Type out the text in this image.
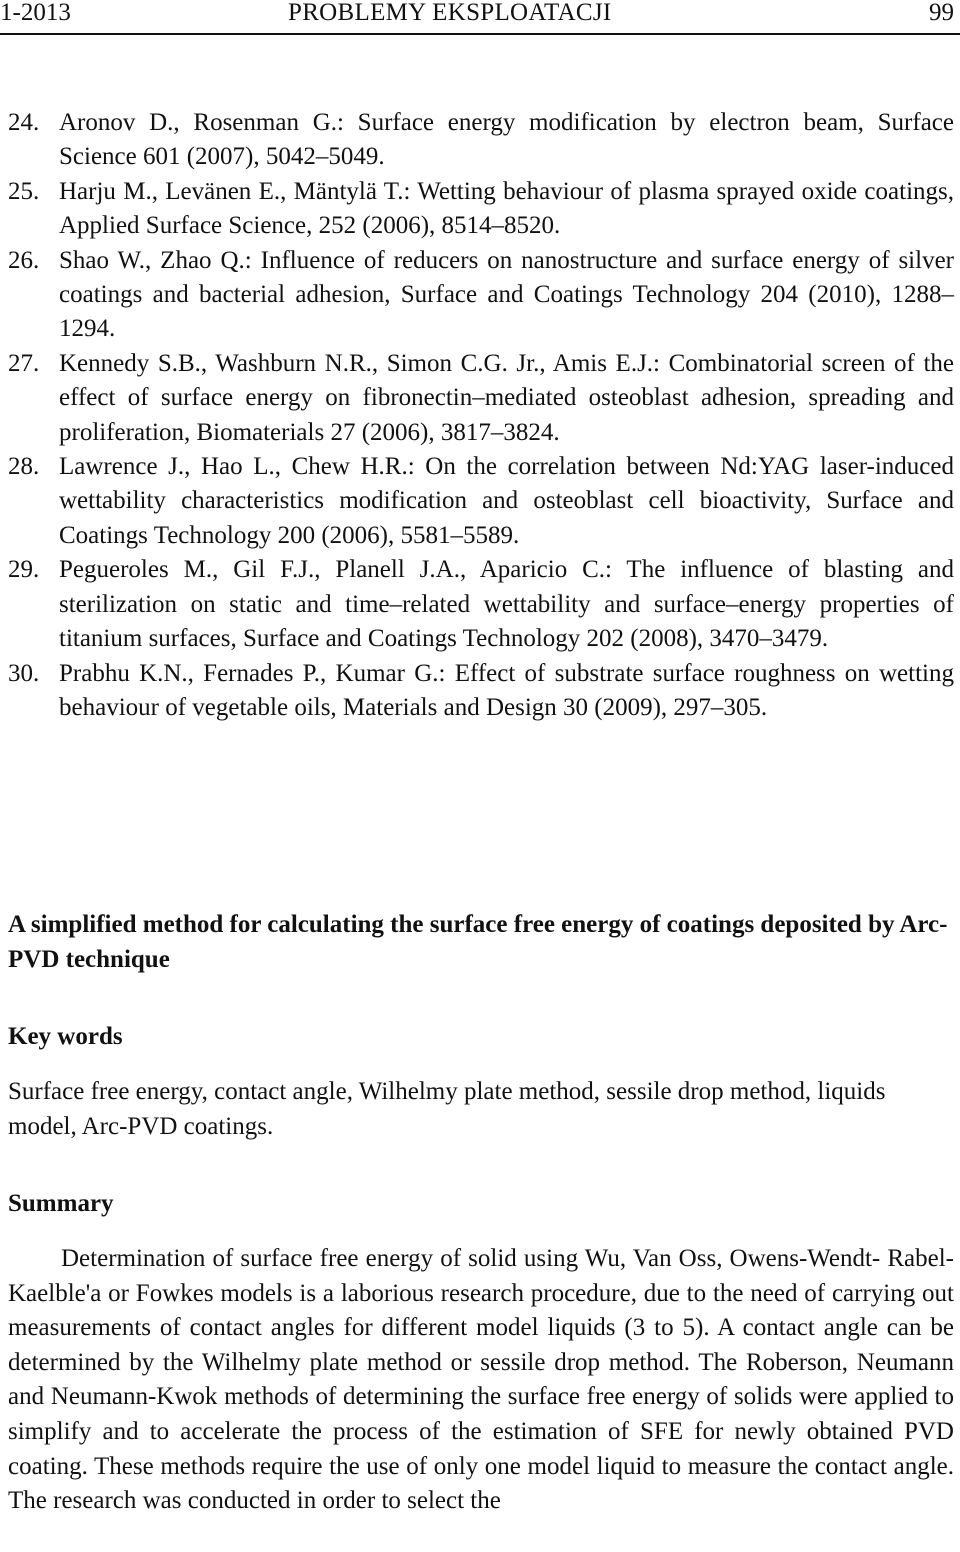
1-2013	PROBLEMY EKSPLOATACJI	99
24. Aronov D., Rosenman G.: Surface energy modification by electron beam, Surface Science 601 (2007), 5042–5049.
25. Harju M., Levänen E., Mäntylä T.: Wetting behaviour of plasma sprayed oxide coatings, Applied Surface Science, 252 (2006), 8514–8520.
26. Shao W., Zhao Q.: Influence of reducers on nanostructure and surface energy of silver coatings and bacterial adhesion, Surface and Coatings Technology 204 (2010), 1288–1294.
27. Kennedy S.B., Washburn N.R., Simon C.G. Jr., Amis E.J.: Combinatorial screen of the effect of surface energy on fibronectin–mediated osteoblast adhesion, spreading and proliferation, Biomaterials 27 (2006), 3817–3824.
28. Lawrence J., Hao L., Chew H.R.: On the correlation between Nd:YAG laser-induced wettability characteristics modification and osteoblast cell bioactivity, Surface and Coatings Technology 200 (2006), 5581–5589.
29. Pegueroles M., Gil F.J., Planell J.A., Aparicio C.: The influence of blasting and sterilization on static and time–related wettability and surface–energy properties of titanium surfaces, Surface and Coatings Technology 202 (2008), 3470–3479.
30. Prabhu K.N., Fernades P., Kumar G.: Effect of substrate surface roughness on wetting behaviour of vegetable oils, Materials and Design 30 (2009), 297–305.
A simplified method for calculating the surface free energy of coatings deposited by Arc-PVD technique
Key words

Surface free energy, contact angle, Wilhelmy plate method, sessile drop method, liquids model, Arc-PVD coatings.

Summary

Determination of surface free energy of solid using Wu, Van Oss, Owens-Wendt- Rabel- Kaelble'a or Fowkes models is a laborious research procedure, due to the need of carrying out measurements of contact angles for different model liquids (3 to 5). A contact angle can be determined by the Wilhelmy plate method or sessile drop method. The Roberson, Neumann and Neumann-Kwok methods of determining the surface free energy of solids were applied to simplify and to accelerate the process of the estimation of SFE for newly obtained PVD coating. These methods require the use of only one model liquid to measure the contact angle. The research was conducted in order to select the
